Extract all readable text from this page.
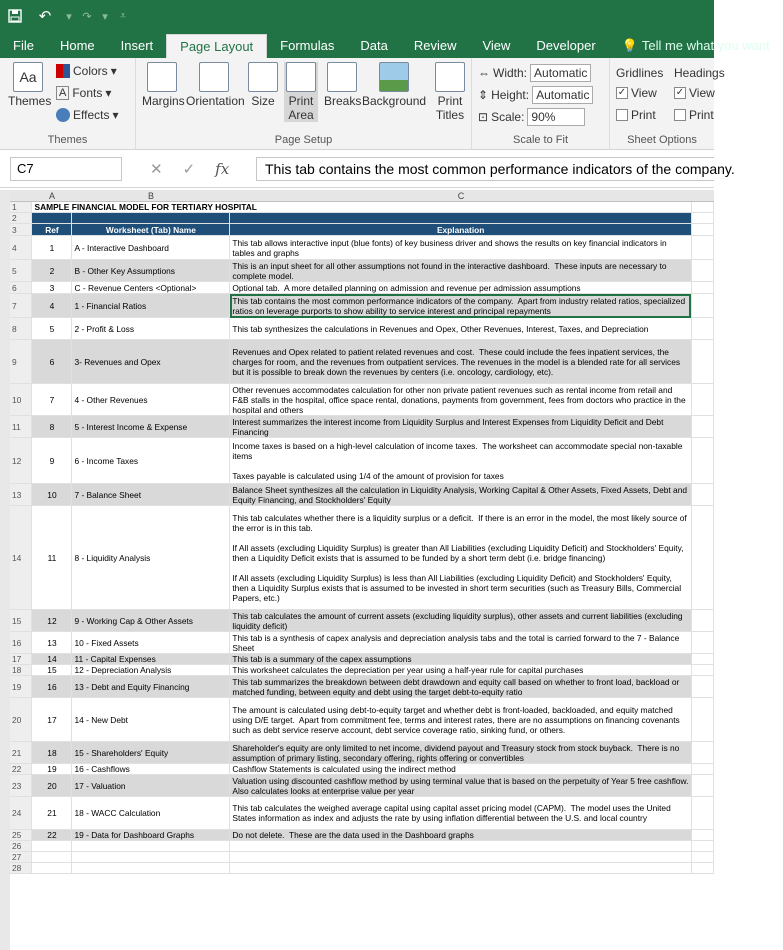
↶	▾ ↷ ▾	⩡
File	Home	Insert	Page Layout	Formulas	Data	Review	View	Developer	💡 Tell me what you want
Aa
Themes
Colors ▾
A Fonts ▾
Effects ▾
Themes
Margins Orientation Size	Print
Area
Breaks Background Print
Titles
Page Setup
⇔ Width: Automatic
⇕ Height: Automatic
⊡ Scale: 90%
Scale to Fit
Gridlines Headings
✓ View ✓ View
Print	Print
Sheet Options
C7	✕ ✓ fx	This tab contains the most common performance indicators of the company.
A	B	C
1	SAMPLE FINANCIAL MODEL FOR TERTIARY HOSPITAL			
2				
3	Ref	Worksheet (Tab) Name	Explanation	
4	1	A - Interactive Dashboard	This tab allows interactive input (blue fonts) of key business driver and shows the results on key financial indicators in tables and graphs	
5	2	B - Other Key Assumptions	This is an input sheet for all other assumptions not found in the interactive dashboard.  These inputs are necessary to complete model.	
6	3	C - Revenue Centers <Optional>	Optional tab.  A more detailed planning on admission and revenue per admission assumptions	
7	4	1 - Financial Ratios	This tab contains the most common performance indicators of the company.  Apart from industry related ratios, specialized ratios on leverage purports to show ability to service interest and principal repayments	
8	5	2 - Profit & Loss	This tab synthesizes the calculations in Revenues and Opex, Other Revenues, Interest, Taxes, and Depreciation	
9	6	3- Revenues and Opex	Revenues and Opex related to patient related revenues and cost.  These could include the fees inpatient services, the charges for room, and the revenues from outpatient services. The revenues in the model is a blended rate for all services but it is possible to break down the revenues by centers (i.e. oncology, cardiology, etc).	
10	7	4 - Other Revenues	Other revenues accommodates calculation for other non private patient revenues such as rental income from retail and F&B stalls in the hospital, office space rental, donations, payments from government, fees from doctors who practice in the hospital and others	
11	8	5 - Interest Income & Expense	Interest summarizes the interest income from Liquidity Surplus and Interest Expenses from Liquidity Deficit and Debt Financing	
12	9	6 - Income Taxes	Income taxes is based on a high-level calculation of income taxes.  The worksheet can accommodate special non-taxable items

Taxes payable is calculated using 1/4 of the amount of provision for taxes	
13	10	7 - Balance Sheet	Balance Sheet synthesizes all the calculation in Liquidity Analysis, Working Capital & Other Assets, Fixed Assets, Debt and Equity Financing, and Stockholders' Equity	
14	11	8 - Liquidity Analysis	This tab calculates whether there is a liquidity surplus or a deficit.  If there is an error in the model, the most likely source of the error is in this tab.

If All assets (excluding Liquidity Surplus) is greater than All Liabilities (excluding Liquidity Deficit) and Stockholders' Equity, then a Liquidity Deficit exists that is assumed to be funded by a short term debt (i.e. bridge financing)

If All assets (excluding Liquidity Surplus) is less than All Liabilities (excluding Liquidity Deficit) and Stockholders' Equity, then a Liquidity Surplus exists that is assumed to be invested in short term securities (such as Treasury Bills, Commercial Papers, etc.)	
15	12	9 - Working Cap & Other Assets	This tab calculates the amount of current assets (excluding liquidity surplus), other assets and current liabilities (excluding liquidity deficit)	
16	13	10 - Fixed Assets	This tab is a synthesis of capex analysis and depreciation analysis tabs and the total is carried forward to the 7 - Balance Sheet	
17	14	11 - Capital Expenses	This tab is a summary of the capex assumptions	
18	15	12 - Depreciation Analysis	This worksheet calculates the depreciation per year using a half-year rule for capital purchases	
19	16	13 - Debt and Equity Financing	This tab summarizes the breakdown between debt drawdown and equity call based on whether to front load, backload or matched funding, between equity and debt using the target debt-to-equity ratio	
20	17	14 - New Debt	The amount is calculated using debt-to-equity target and whether debt is front-loaded, backloaded, and equity matched using D/E target.  Apart from commitment fee, terms and interest rates, there are no assumptions on financing covenants such as debt service reserve account, debt service coverage ratio, sinking fund, or others.	
21	18	15 - Shareholders' Equity	Shareholder's equity are only limited to net income, dividend payout and Treasury stock from stock buyback.  There is no assumption of primary listing, secondary offering, rights offering or convertibles	
22	19	16 - Cashflows	Cashflow Statements is calculated using the indirect method	
23	20	17 - Valuation	Valuation using discounted cashflow method by using terminal value that is based on the perpetuity of Year 5 free cashflow.  Also calculates looks at enterprise value per year	
24	21	18 - WACC Calculation	This tab calculates the weighed average capital using capital asset pricing model (CAPM).  The model uses the United States information as index and adjusts the rate by using inflation differential between the U.S. and local country	
25	22	19 - Data for Dashboard Graphs	Do not delete.  These are the data used in the Dashboard graphs	
26				
27				
28				
